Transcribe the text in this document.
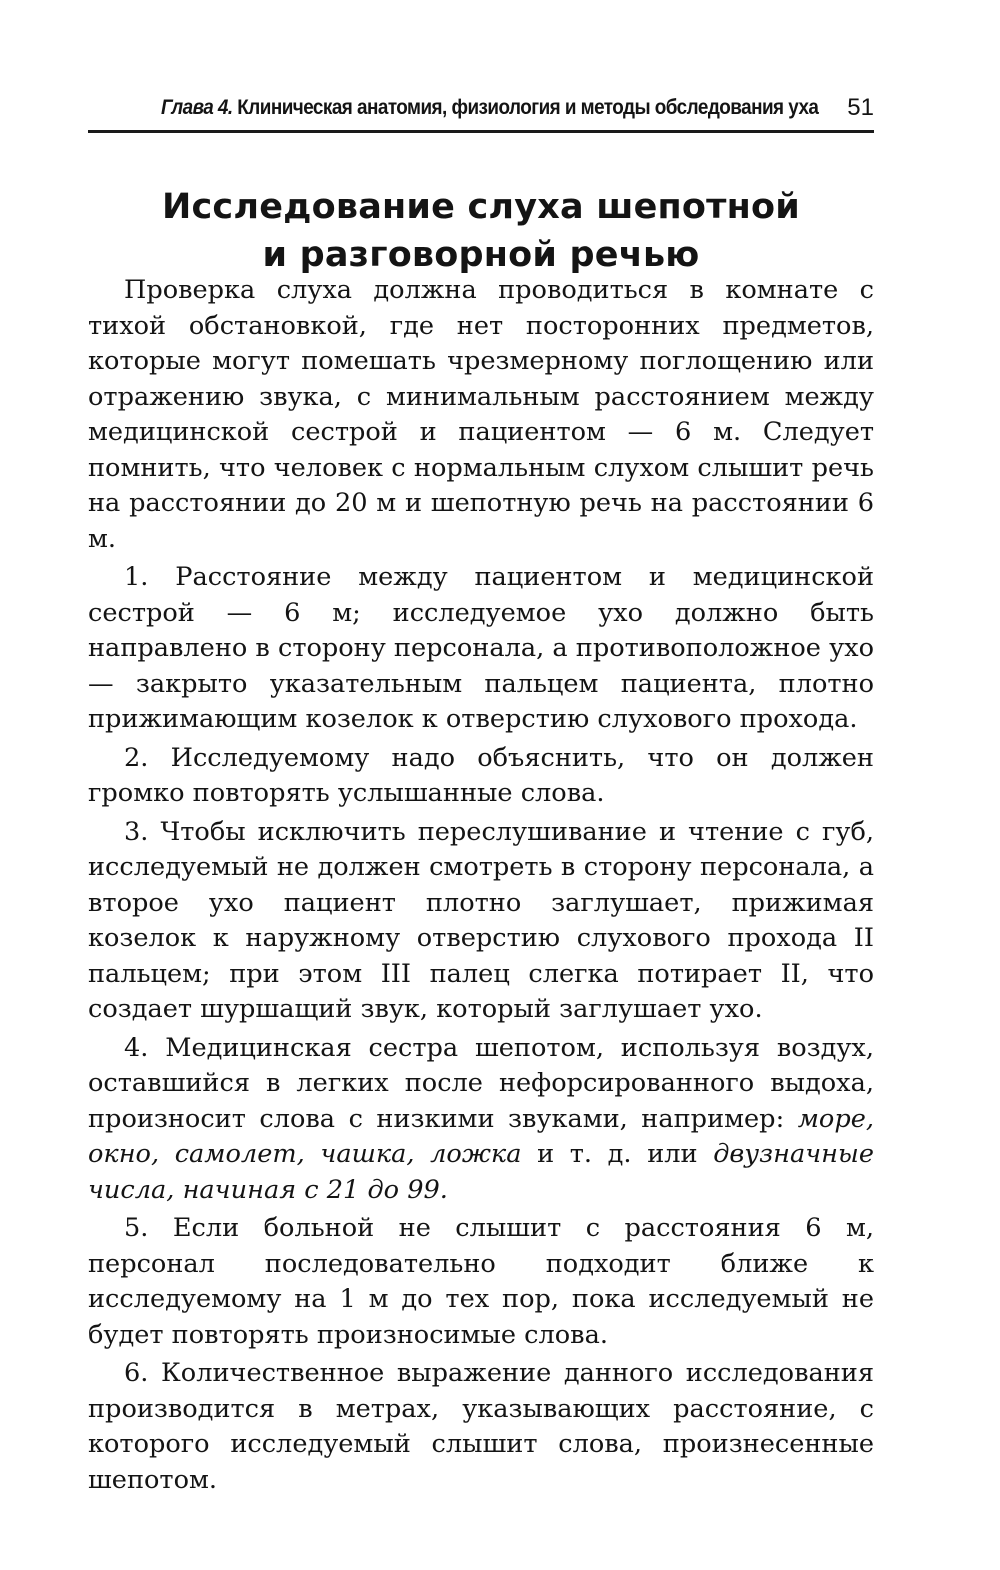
Глава 4. Клиническая анатомия, физиология и методы обследования уха 51
Исследование слуха шепотной
и разговорной речью

Проверка слуха должна проводиться в комнате с тихой обстановкой, где нет посторонних предметов, которые могут помешать чрезмерному поглощению или отражению звука, с минимальным расстоянием между медицинской сестрой и пациентом — 6 м. Следует помнить, что человек с нормальным слухом слышит речь на расстоянии до 20 м и шепотную речь на расстоянии 6 м.

1. Расстояние между пациентом и медицинской сестрой — 6 м; исследуемое ухо должно быть направлено в сторону персонала, а противоположное ухо — закрыто указательным пальцем пациента, плотно прижимающим козелок к отверстию слухового прохода.

2. Исследуемому надо объяснить, что он должен громко повторять услышанные слова.

3. Чтобы исключить переслушивание и чтение с губ, исследуемый не должен смотреть в сторону персонала, а второе ухо пациент плотно заглушает, прижимая козелок к наружному отверстию слухового прохода II пальцем; при этом III палец слегка потирает II, что создает шуршащий звук, который заглушает ухо.

4. Медицинская сестра шепотом, используя воздух, оставшийся в легких после нефорсированного выдоха, произносит слова с низкими звуками, например: море, окно, самолет, чашка, ложка и т. д. или двузначные числа, начиная с 21 до 99.

5. Если больной не слышит с расстояния 6 м, персонал последовательно подходит ближе к исследуемому на 1 м до тех пор, пока исследуемый не будет повторять произносимые слова.

6. Количественное выражение данного исследования производится в метрах, указывающих расстояние, с которого исследуемый слышит слова, произнесенные шепотом.
